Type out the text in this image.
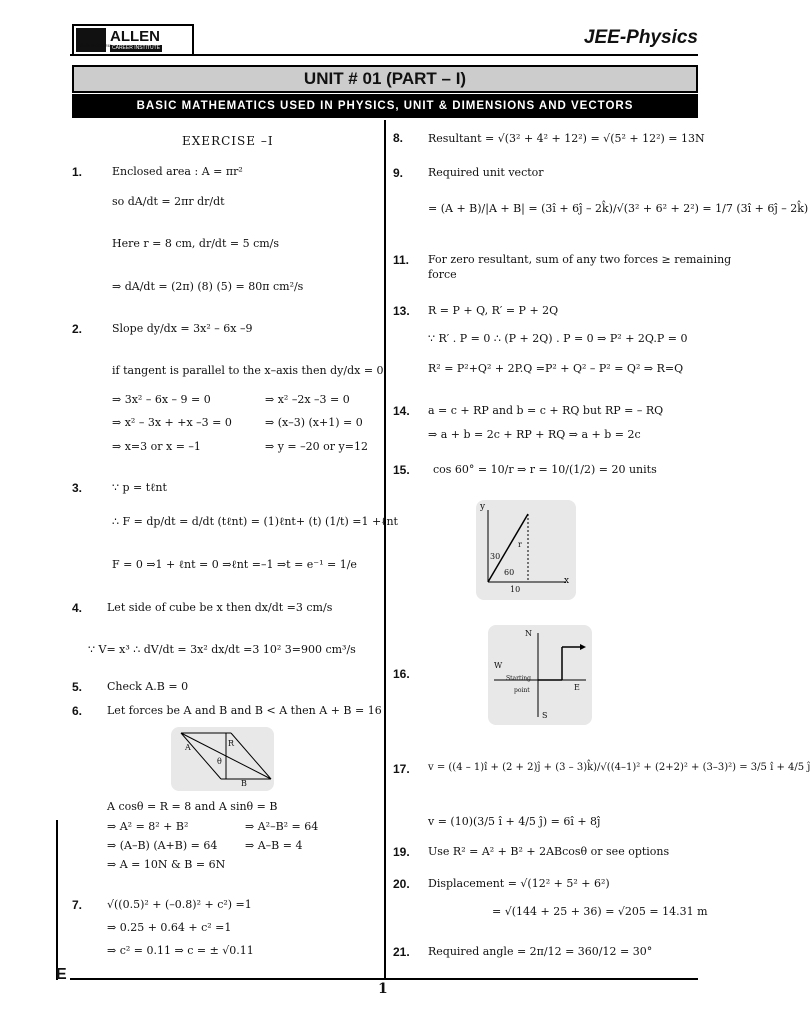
ALLEN
CAREER INSTITUTE
Path to Success	JEE-Physics
UNIT # 01 (PART – I)
BASIC MATHEMATICS USED IN PHYSICS, UNIT & DIMENSIONS AND VECTORS
EXERCISE –I
1.	Enclosed area : A = πr²
so dA/dt = 2πr dr/dt
Here r = 8 cm, dr/dt = 5 cm/s
⇒ dA/dt = (2π) (8) (5) = 80π cm²/s
2.	Slope dy/dx = 3x² – 6x –9
if tangent is parallel to the x–axis then dy/dx = 0
⇒ 3x² – 6x – 9 = 0	⇒ x² –2x –3 = 0
⇒ x² – 3x + +x –3 = 0	⇒ (x–3) (x+1) = 0
⇒ x=3 or x = –1	⇒ y = –20 or y=12
3.	∵ p = tℓnt
∴ F = dp/dt = d/dt (tℓnt) = (1)ℓnt+ (t) (1/t) =1 +ℓnt
F = 0 ⇒1 + ℓnt = 0 ⇒ℓnt =–1 ⇒t = e⁻¹ = 1/e
4. Let side of cube be x then dx/dt =3 cm/s
∵ V= x³ ∴ dV/dt = 3x² dx/dt =3 10² 3=900 cm³/s
5. Check A.B = 0
6. Let forces be A and B and B < A then A + B = 16
A	R
θ
B
A cosθ = R = 8 and A sinθ = B
⇒ A² = 8² + B²	⇒ A²–B² = 64
⇒ (A–B) (A+B) = 64	⇒ A–B = 4
⇒ A = 10N & B = 6N
7. √((0.5)² + (–0.8)² + c²) =1
⇒ 0.25 + 0.64 + c² =1
⇒ c² = 0.11 ⇒ c = ± √0.11
8. Resultant = √(3² + 4² + 12²) = √(5² + 12²) = 13N
9. Required unit vector
= (A + B)/|A + B| = (3î + 6ĵ – 2k̂)/√(3² + 6² + 2²) = 1/7 (3î + 6ĵ – 2k̂)
11. For zero resultant, sum of any two forces ≥ remaining
force
13. R = P + Q, R′ = P + 2Q
∵ R′ . P = 0 ∴ (P + 2Q) . P = 0 ⇒ P² + 2Q.P = 0
R² = P²+Q² + 2P.Q =P² + Q² – P² = Q² ⇒ R=Q
14. a = c + RP and b = c + RQ but RP = – RQ
⇒ a + b = 2c + RP + RQ ⇒ a + b = 2c
15. cos 60° = 10/r ⇒ r = 10/(1/2) = 20 units
y
r
30
60
x
10
16.
N
W
E
S
Starting
point
17. v = ((4 – 1)î + (2 + 2)ĵ + (3 – 3)k̂)/√((4–1)² + (2+2)² + (3–3)²) = 3/5 î + 4/5 ĵ
v = (10)(3/5 î + 4/5 ĵ) = 6î + 8ĵ
19. Use R² = A² + B² + 2ABcosθ or see options
20. Displacement = √(12² + 5² + 6²)
= √(144 + 25 + 36) = √205 = 14.31 m
21. Required angle = 2π/12 = 360/12 = 30°
E
1
